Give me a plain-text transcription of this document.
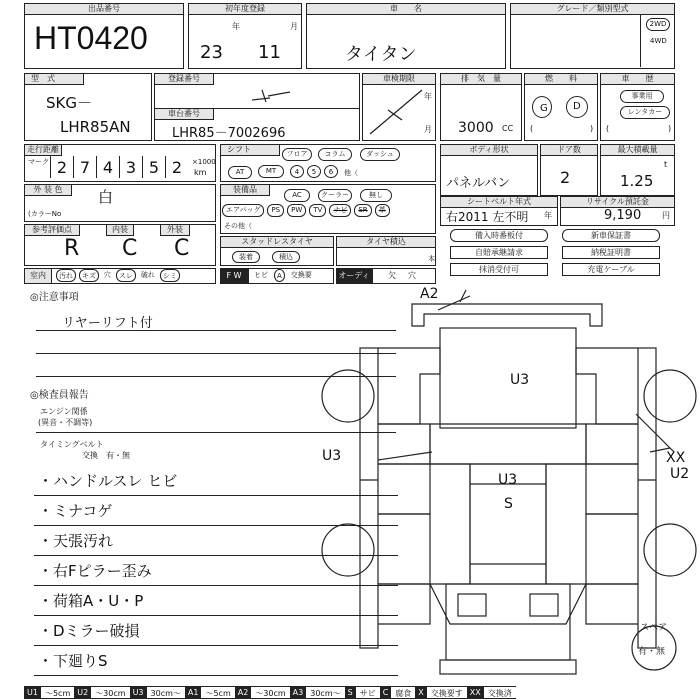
出品番号
HT0420
初年度登録
年	月
23 11
車　　名
タイタン
グレード／類別型式
2WD
4WD
型　式
SKG－
LHR85AN
登録番号
車台番号
LHR85－7002696
車検期限
年
月
排　気　量
3000 CC
燃　　料
G	D
(	)
車　　歴
事業用
レンタカー
(	)
走行距離
マーク 2 7 4 3 5 2	×1000
km
シフト	フロア	コラム	ダッシュ
AT	MT	4	5	6	他（
ボディ形状
パネルバン
ドア数
2
最大積載量
t
1.25
外 装 色	白
(カラーNo
装備品
AC	クーラー	無し
エアバッグ	PS	PW	TV	ナビ	SR	革
その他（
シートベルト年式
右2011 左不明 年
リサイクル預託金
9,190	円
参考評価点	内装	外装
R C C	スタッドレスタイヤ
装着	積込
タイヤ積込
本
備入時番板付	新車保証書
自賠承継請求	納税証明書
抹消受付可	充電ケーブル
室内	汚れ	キズ	穴	スレ	破れ	シミ	F W	ヒビ	A	交換要	オーディオ
欠 穴
◎注意事項
リヤーリフト付
◎検査員報告
エンジン関係
(異音・不調等)
タイミングベルト
交換　有・無
・ハンドルスレ ヒビ
・ミナコゲ
・天張汚れ
・右Fピラー歪み
・荷箱A・U・P
・Dミラー破損
・下廻りS
A2
U3
U3
U3
S
XX
U2
スペア
有・無
U1 ～5cm U2 ～30cm U3 30cm～ A1 ～5cm A2 ～30cm A3 30cm～ S サビ C 腐食 X 交換要す XX 交換済
